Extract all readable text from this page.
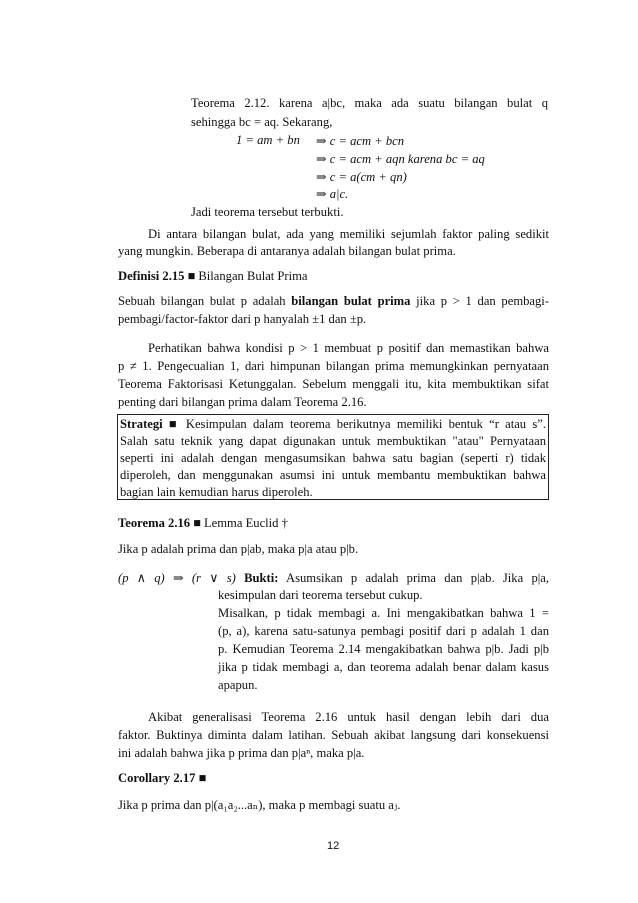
Teorema 2.12. karena a|bc, maka ada suatu bilangan bulat q
sehingga bc = aq. Sekarang,
1 = am + bn ⇒ c = acm + bcn
⇒ c = acm + aqn karena bc = aq
⇒ c = a(cm + qn)
⇒ a|c.
Jadi teorema tersebut terbukti.
Di antara bilangan bulat, ada yang memiliki sejumlah faktor paling sedikit
yang mungkin. Beberapa di antaranya adalah bilangan bulat prima.
Definisi 2.15 ■ Bilangan Bulat Prima
Sebuah bilangan bulat p adalah bilangan bulat prima jika p > 1 dan pembagi-
pembagi/factor-faktor dari p hanyalah ±1 dan ±p.
Perhatikan bahwa kondisi p > 1 membuat p positif dan memastikan bahwa
p ≠ 1. Pengecualian 1, dari himpunan bilangan prima memungkinkan pernyataan
Teorema Faktorisasi Ketunggalan. Sebelum menggali itu, kita membuktikan sifat
penting dari bilangan prima dalam Teorema 2.16.
Strategi ■ Kesimpulan dalam teorema berikutnya memiliki bentuk “r atau s”.
Salah satu teknik yang dapat digunakan untuk membuktikan "atau" Pernyataan
seperti ini adalah dengan mengasumsikan bahwa satu bagian (seperti r) tidak
diperoleh, dan menggunakan asumsi ini untuk membantu membuktikan bahwa
bagian lain kemudian harus diperoleh.
Teorema 2.16 ■ Lemma Euclid †
Jika p adalah prima dan p|ab, maka p|a atau p|b.
(p ∧ q) ⇒ (r ∨ s) Bukti: Asumsikan p adalah prima dan p|ab. Jika p|a,
kesimpulan dari teorema tersebut cukup.
Misalkan, p tidak membagi a. Ini mengakibatkan bahwa 1 =
(p, a), karena satu-satunya pembagi positif dari p adalah 1 dan
p. Kemudian Teorema 2.14 mengakibatkan bahwa p|b. Jadi p|b
jika p tidak membagi a, dan teorema adalah benar dalam kasus
apapun.
Akibat generalisasi Teorema 2.16 untuk hasil dengan lebih dari dua
faktor. Buktinya diminta dalam latihan. Sebuah akibat langsung dari konsekuensi
ini adalah bahwa jika p prima dan p|aⁿ, maka p|a.
Corollary 2.17 ■
Jika p prima dan p|(a₁a₂...aₙ), maka p membagi suatu aⱼ.
12
